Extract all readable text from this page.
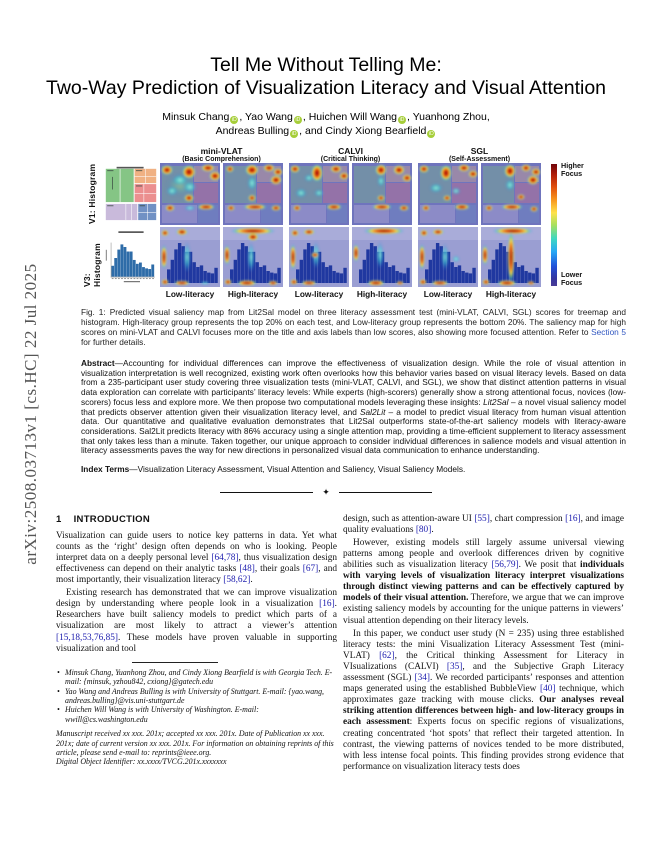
arXiv:2508.03713v1 [cs.HC] 22 Jul 2025
Tell Me Without Telling Me:
Two-Way Prediction of Visualization Literacy and Visual Attention
Minsuk Chang iD , Yao Wang iD , Huichen Will Wang iD , Yuanhong Zhou,
Andreas Bulling iD , and Cindy Xiong Bearfield iD
mini-VLAT
(Basic Comprehension)
CALVI
(Critical Thinking)
SGL
(Self-Assessment)
V1: Histogram
V3: Histogram
Higher Focus
Lower Focus
Low-literacy	High-literacy	Low-literacy	High-literacy	Low-literacy	High-literacy
Fig. 1: Predicted visual saliency map from Lit2Sal model on three literacy assessment test (mini-VLAT, CALVI, SGL) scores for treemap and histogram. High-literacy group represents the top 20% on each test, and Low-literacy group represents the bottom 20%. The saliency map for high scores on mini-VLAT and CALVI focuses more on the title and axis labels than low scores, also showing more focused attention. Refer to Section 5 for further details.
Abstract—Accounting for individual differences can improve the effectiveness of visualization design. While the role of visual attention in visualization interpretation is well recognized, existing work often overlooks how this behavior varies based on visual literacy levels. Based on data from a 235-participant user study covering three visualization tests (mini-VLAT, CALVI, and SGL), we show that distinct attention patterns in visual data exploration can correlate with participants’ literacy levels: While experts (high-scorers) generally show a strong attentional focus, novices (low-scorers) focus less and explore more. We then propose two computational models leveraging these insights: Lit2Sal – a novel visual saliency model that predicts observer attention given their visualization literacy level, and Sal2Lit – a model to predict visual literacy from human visual attention data. Our quantitative and qualitative evaluation demonstrates that Lit2Sal outperforms state-of-the-art saliency models with literacy-aware considerations. Sal2Lit predicts literacy with 86% accuracy using a single attention map, providing a time-efficient supplement to literacy assessment that only takes less than a minute. Taken together, our unique approach to consider individual differences in salience models and visual attention in literacy assessments paves the way for new directions in personalized visual data communication to enhance understanding.
Index Terms—Visualization Literacy Assessment, Visual Attention and Saliency, Visual Saliency Models.
✦
1 INTRODUCTION

Visualization can guide users to notice key patterns in data. Yet what counts as the ‘right’ design often depends on who is looking. People interpret data on a deeply personal level [64,78], thus visualization design effectiveness can depend on their analytic tasks [48], their goals [67], and most importantly, their visualization literacy [58,62].

Existing research has demonstrated that we can improve visualization design by understanding where people look in a visualization [16]. Researchers have built saliency models to predict which parts of a visualization are most likely to attract a viewer’s attention [15,18,53,76,85]. These models have proven valuable in supporting visualization and tool

• Minsuk Chang, Yuanhong Zhou, and Cindy Xiong Bearfield is with Georgia Tech. E-mail: {minsuk, yzhou842, cxiong}@gatech.edu
• Yao Wang and Andreas Bulling is with University of Stuttgart. E-mail: {yao.wang, andreas.bulling}@vis.uni-stuttgart.de
• Huichen Will Wang is with University of Washington. E-mail: wwill@cs.washington.edu
Manuscript received xx xxx. 201x; accepted xx xxx. 201x. Date of Publication xx xxx. 201x; date of current version xx xxx. 201x. For information on obtaining reprints of this article, please send e-mail to: reprints@ieee.org.
Digital Object Identifier: xx.xxxx/TVCG.201x.xxxxxxx

design, such as attention-aware UI [55], chart compression [16], and image quality evaluations [80].

However, existing models still largely assume universal viewing patterns among people and overlook differences driven by cognitive abilities such as visualization literacy [56,79]. We posit that individuals with varying levels of visualization literacy interpret visualizations through distinct viewing patterns and can be effectively captured by models of their visual attention. Therefore, we argue that we can improve existing saliency models by accounting for the unique patterns in viewers’ visual attention depending on their literacy levels.

In this paper, we conduct user study (N = 235) using three established literacy tests: the mini Visualization Literacy Assessment Test (mini-VLAT) [62], the Critical thinking Assessment for Literacy in VIsualizations (CALVI) [35], and the Subjective Graph Literacy assessment (SGL) [34]. We recorded participants’ responses and attention maps generated using the established BubbleView [40] technique, which approximates gaze tracking with mouse clicks. Our analyses reveal striking attention differences between high- and low-literacy groups in each assessment: Experts focus on specific regions of visualizations, creating concentrated ‘hot spots’ that reflect their targeted attention. In contrast, the viewing patterns of novices tended to be more distributed, with less intense focal points. This finding provides strong evidence that performance on visualization literacy tests does
